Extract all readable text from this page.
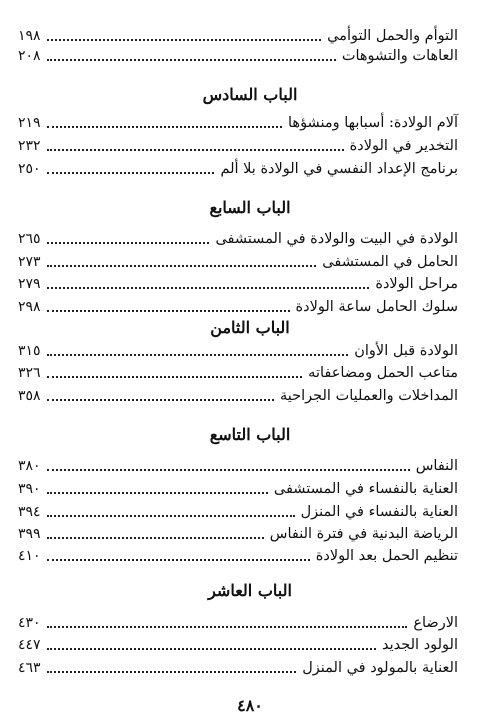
التوأم والحمل التوأمي
١٩٨
العاهات والتشوهات
٢٠٨
الباب السادس
آلام الولادة: أسبابها ومنشؤها
٢١٩
التخدير في الولادة
٢٣٢
برنامج الإعداد النفسي في الولادة بلا ألم
٢٥٠
الباب السابع
الولادة في البيت والولادة في المستشفى
٢٦٥
الحامل في المستشفى
٢٧٣
مراحل الولادة
٢٧٩
سلوك الحامل ساعة الولادة
٢٩٨
الباب الثامن
الولادة قبل الأوان
٣١٥
متاعب الحمل ومضاعفاته
٣٢٦
المداخلات والعمليات الجراحية
٣٥٨
الباب التاسع
النفاس
٣٨٠
العناية بالنفساء في المستشفى
٣٩٠
العناية بالنفساء في المنزل
٣٩٤
الرياضة البدنية في فترة النفاس
٣٩٩
تنظيم الحمل بعد الولادة
٤١٠
الباب العاشر
الارضاع
٤٣٠
الولود الجديد
٤٤٧
العناية بالمولود في المنزل
٤٦٣
٤٨٠
